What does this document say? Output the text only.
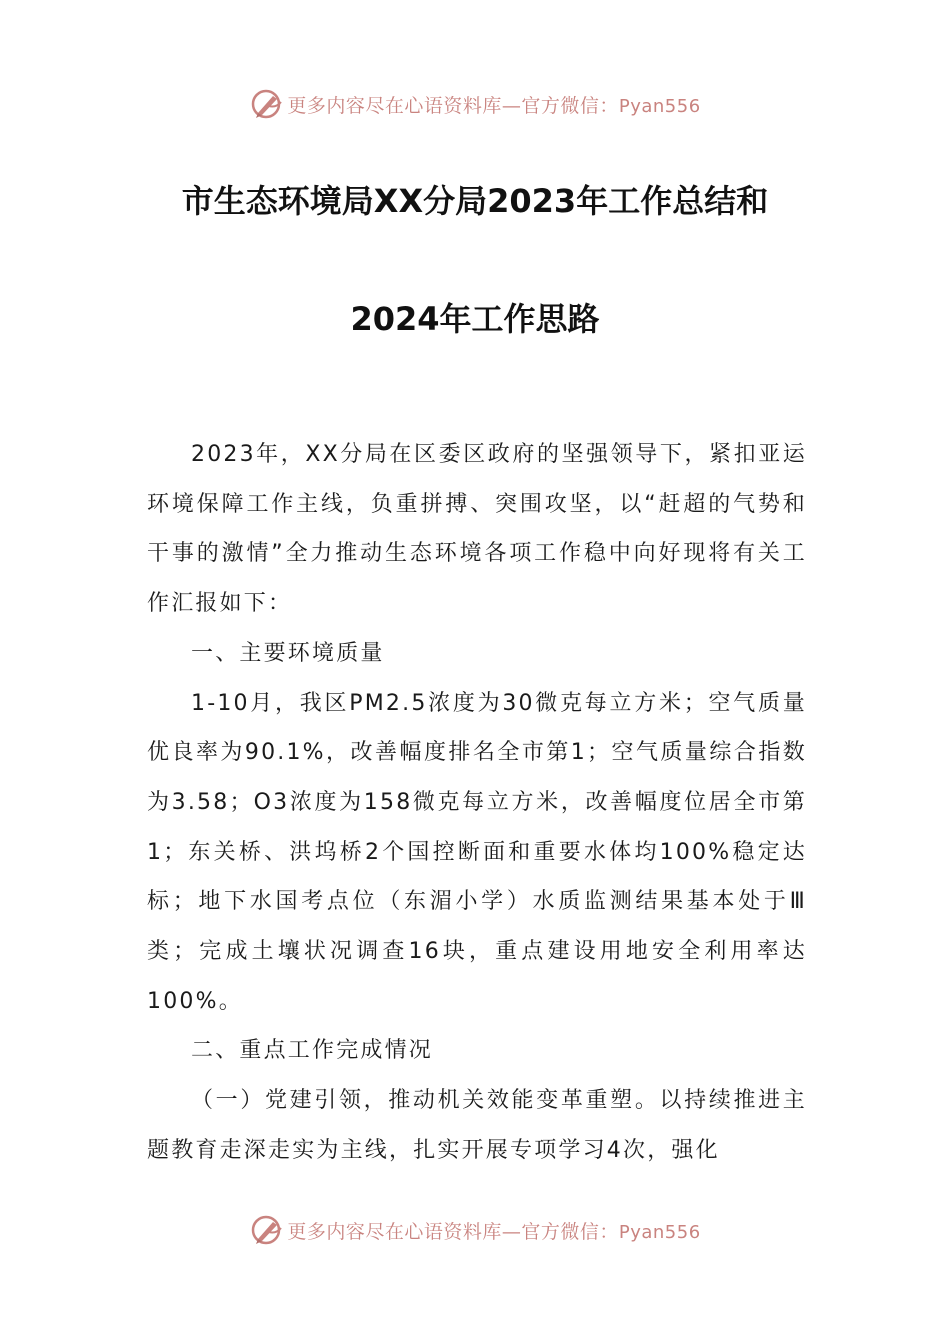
更多内容尽在心语资料库—官方微信：Pyan556
市生态环境局XX分局2023年工作总结和
2024年工作思路

2023年，XX分局在区委区政府的坚强领导下，紧扣亚运环境保障工作主线，负重拼搏、突围攻坚，以“赶超的气势和干事的激情”全力推动生态环境各项工作稳中向好现将有关工作汇报如下：

一、主要环境质量

1-10月，我区PM2.5浓度为30微克每立方米；空气质量优良率为90.1%，改善幅度排名全市第1；空气质量综合指数为3.58；O3浓度为158微克每立方米，改善幅度位居全市第1；东关桥、洪坞桥2个国控断面和重要水体均100%稳定达标；地下水国考点位（东湄小学）水质监测结果基本处于Ⅲ类；完成土壤状况调查16块，重点建设用地安全利用率达100%。

二、重点工作完成情况

（一）党建引领，推动机关效能变革重塑。以持续推进主题教育走深走实为主线，扎实开展专项学习4次，强化

更多内容尽在心语资料库—官方微信：Pyan556
